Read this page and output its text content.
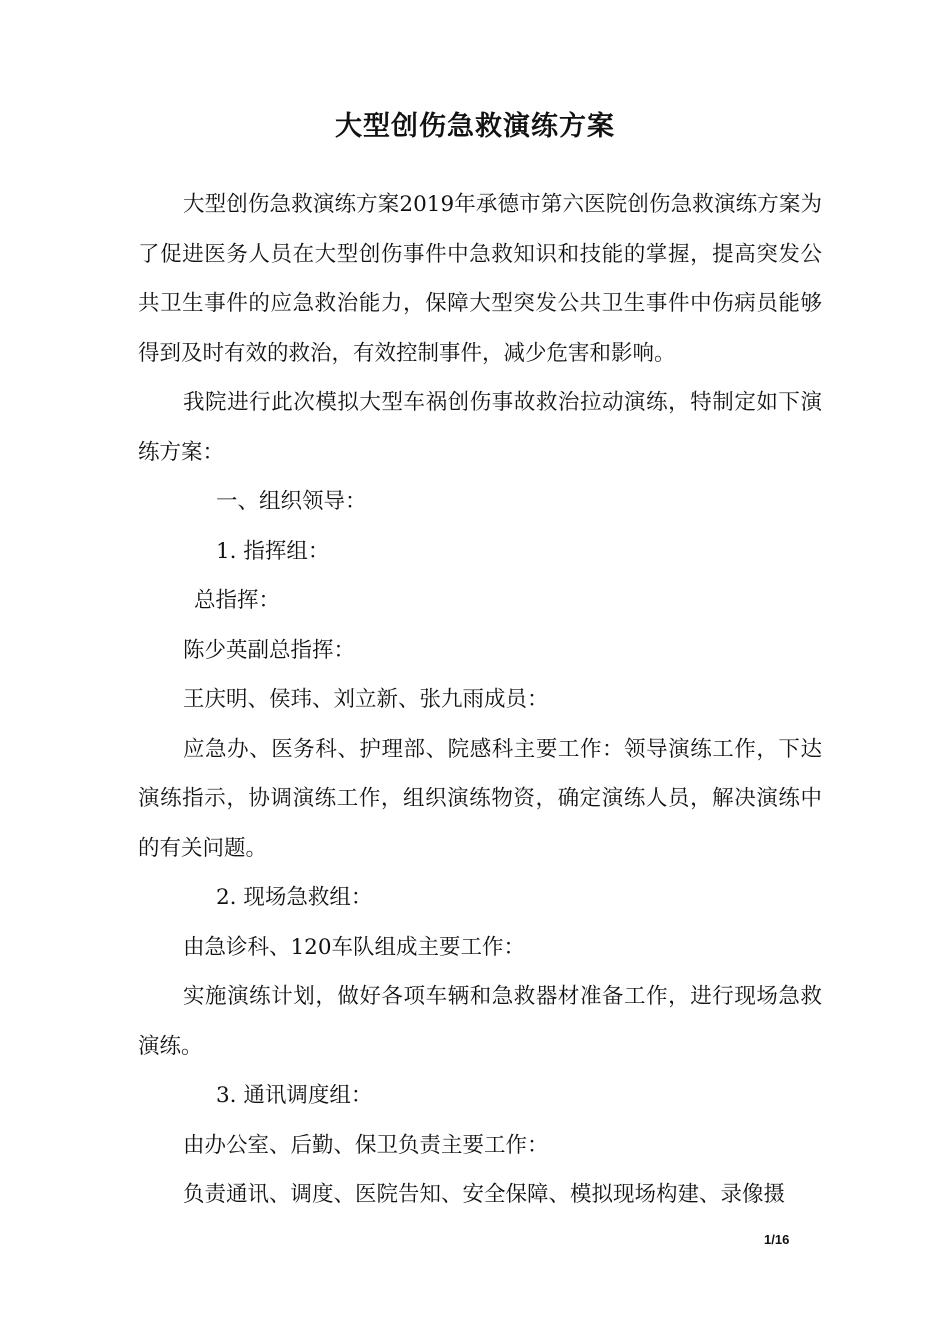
大型创伤急救演练方案

大型创伤急救演练方案2019年承德市第六医院创伤急救演练方案为了促进医务人员在大型创伤事件中急救知识和技能的掌握，提高突发公共卫生事件的应急救治能力，保障大型突发公共卫生事件中伤病员能够得到及时有效的救治，有效控制事件，减少危害和影响。

我院进行此次模拟大型车祸创伤事故救治拉动演练，特制定如下演练方案：

一、组织领导：

1. 指挥组：

总指挥：

陈少英副总指挥：

王庆明、侯玮、刘立新、张九雨成员：

应急办、医务科、护理部、院感科主要工作：领导演练工作，下达演练指示，协调演练工作，组织演练物资，确定演练人员，解决演练中的有关问题。

2. 现场急救组：

由急诊科、120车队组成主要工作：

实施演练计划，做好各项车辆和急救器材准备工作，进行现场急救演练。

3. 通讯调度组：

由办公室、后勤、保卫负责主要工作：

负责通讯、调度、医院告知、安全保障、模拟现场构建、录像摄

1/16
